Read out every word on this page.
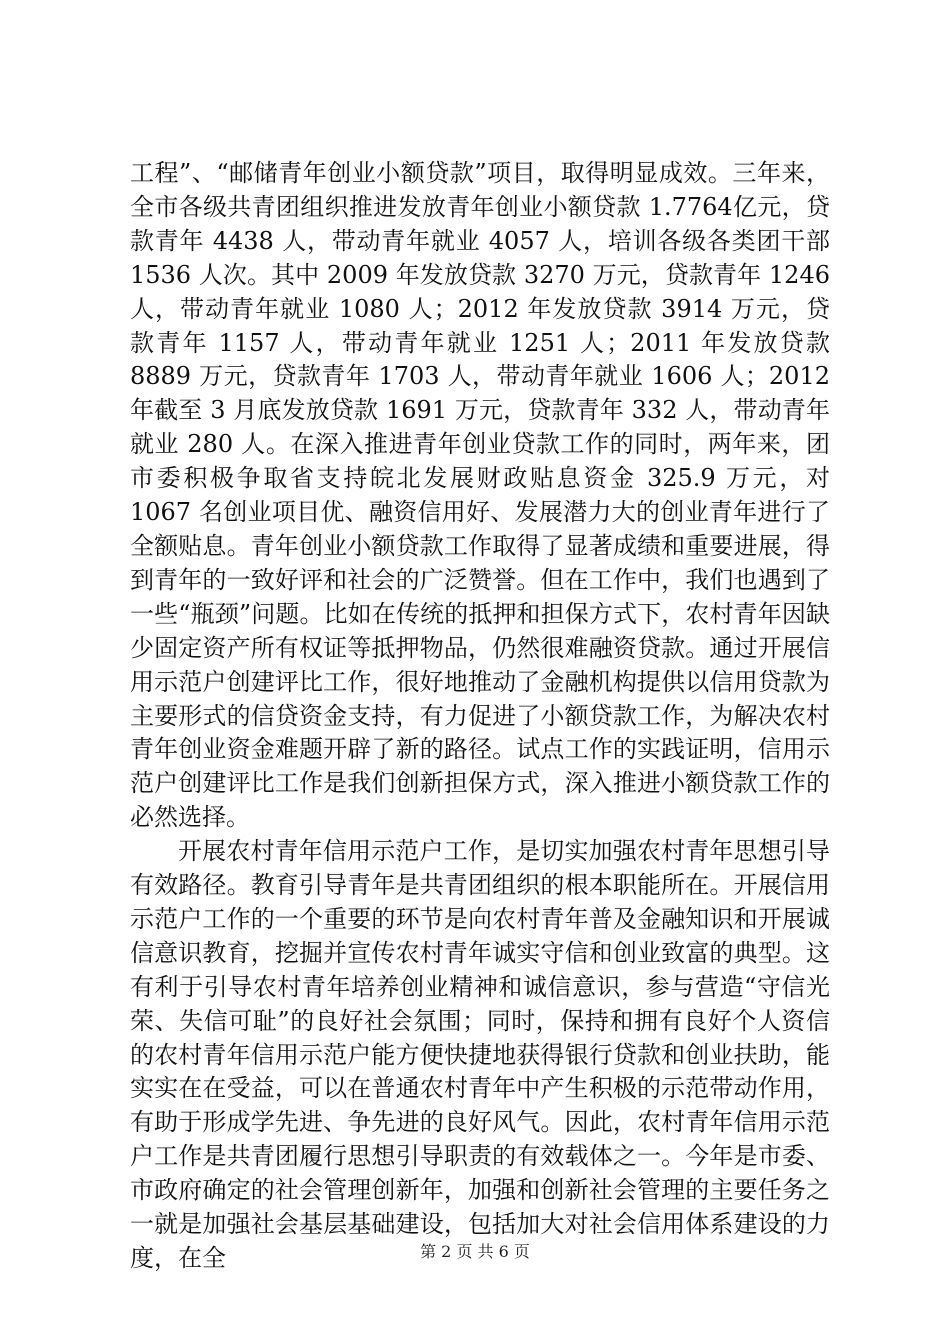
工程”、“邮储青年创业小额贷款”项目，取得明显成效。三年来，全市各级共青团组织推进发放青年创业小额贷款 1.7764亿元，贷款青年 4438 人，带动青年就业 4057 人，培训各级各类团干部 1536 人次。其中 2009 年发放贷款 3270 万元，贷款青年 1246 人，带动青年就业 1080 人；2012 年发放贷款 3914 万元，贷款青年 1157 人，带动青年就业 1251 人；2011 年发放贷款 8889 万元，贷款青年 1703 人，带动青年就业 1606 人；2012 年截至 3 月底发放贷款 1691 万元，贷款青年 332 人，带动青年就业 280 人。在深入推进青年创业贷款工作的同时，两年来，团市委积极争取省支持皖北发展财政贴息资金 325.9 万元，对 1067 名创业项目优、融资信用好、发展潜力大的创业青年进行了全额贴息。青年创业小额贷款工作取得了显著成绩和重要进展，得到青年的一致好评和社会的广泛赞誉。但在工作中，我们也遇到了一些“瓶颈”问题。比如在传统的抵押和担保方式下，农村青年因缺少固定资产所有权证等抵押物品，仍然很难融资贷款。通过开展信用示范户创建评比工作，很好地推动了金融机构提供以信用贷款为主要形式的信贷资金支持，有力促进了小额贷款工作，为解决农村青年创业资金难题开辟了新的路径。试点工作的实践证明，信用示范户创建评比工作是我们创新担保方式，深入推进小额贷款工作的必然选择。

开展农村青年信用示范户工作，是切实加强农村青年思想引导有效路径。教育引导青年是共青团组织的根本职能所在。开展信用示范户工作的一个重要的环节是向农村青年普及金融知识和开展诚信意识教育，挖掘并宣传农村青年诚实守信和创业致富的典型。这有利于引导农村青年培养创业精神和诚信意识，参与营造“守信光荣、失信可耻”的良好社会氛围；同时，保持和拥有良好个人资信的农村青年信用示范户能方便快捷地获得银行贷款和创业扶助，能实实在在受益，可以在普通农村青年中产生积极的示范带动作用，有助于形成学先进、争先进的良好风气。因此，农村青年信用示范户工作是共青团履行思想引导职责的有效载体之一。今年是市委、市政府确定的社会管理创新年，加强和创新社会管理的主要任务之一就是加强社会基层基础建设，包括加大对社会信用体系建设的力度，在全	第 2 页 共 6 页
